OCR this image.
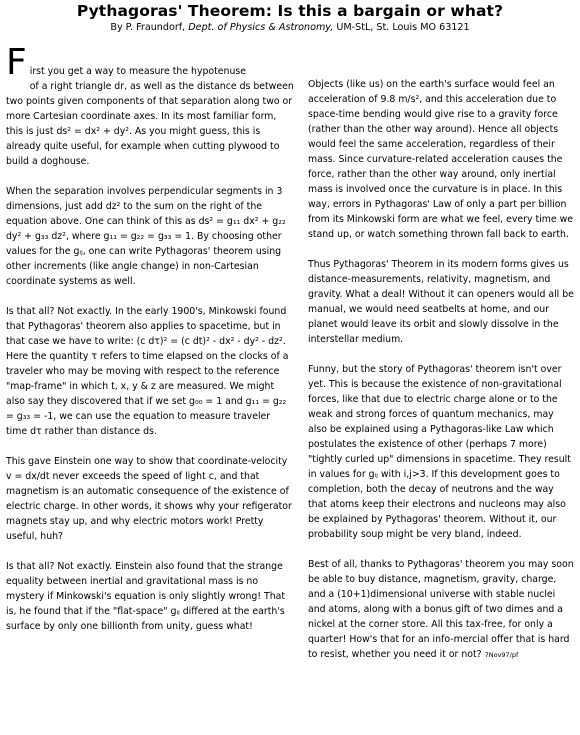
Pythagoras' Theorem: Is this a bargain or what?
By P. Fraundorf, Dept. of Physics & Astronomy, UM-StL, St. Louis MO 63121

F irst you get a way to measure the hypotenuse
of a right triangle dr, as well as the distance ds between two points given components of that separation along two or more Cartesian coordinate axes. In its most familiar form, this is just ds² = dx² + dy². As you might guess, this is already quite useful, for example when cutting plywood to build a doghouse.

When the separation involves perpendicular segments in 3 dimensions, just add dz² to the sum on the right of the equation above. One can think of this as ds² = g₁₁ dx² + g₂₂ dy² + g₃₃ dz², where g₁₁ = g₂₂ = g₃₃ = 1. By choosing other values for the gᵢⱼ, one can write Pythagoras' theorem using other increments (like angle change) in non-Cartesian coordinate systems as well.

Is that all? Not exactly. In the early 1900's, Minkowski found that Pythagoras' theorem also applies to spacetime, but in that case we have to write: (c dτ)² = (c dt)² - dx² - dy² - dz². Here the quantity τ refers to time elapsed on the clocks of a traveler who may be moving with respect to the reference "map-frame" in which t, x, y & z are measured. We might also say they discovered that if we set g₀₀ = 1 and g₁₁ = g₂₂ = g₃₃ = -1, we can use the equation to measure traveler time dτ rather than distance ds.

This gave Einstein one way to show that coordinate-velocity v = dx/dt never exceeds the speed of light c, and that magnetism is an automatic consequence of the existence of electric charge. In other words, it shows why your refigerator magnets stay up, and why electric motors work! Pretty useful, huh?

Is that all? Not exactly. Einstein also found that the strange equality between inertial and gravitational mass is no mystery if Minkowski's equation is only slightly wrong! That is, he found that if the "flat-space" gᵢⱼ differed at the earth's surface by only one billionth from unity, guess what!

Objects (like us) on the earth's surface would feel an acceleration of 9.8 m/s², and this acceleration due to space-time bending would give rise to a gravity force (rather than the other way around). Hence all objects would feel the same acceleration, regardless of their mass. Since curvature-related acceleration causes the force, rather than the other way around, only inertial mass is involved once the curvature is in place. In this way, errors in Pythagoras' Law of only a part per billion from its Minkowski form are what we feel, every time we stand up, or watch something thrown fall back to earth.

Thus Pythagoras' Theorem in its modern forms gives us distance-measurements, relativity, magnetism, and gravity. What a deal! Without it can openers would all be manual, we would need seatbelts at home, and our planet would leave its orbit and slowly dissolve in the interstellar medium.

Funny, but the story of Pythagoras' theorem isn't over yet. This is because the existence of non-gravitational forces, like that due to electric charge alone or to the weak and strong forces of quantum mechanics, may also be explained using a Pythagoras-like Law which postulates the existence of other (perhaps 7 more) "tightly curled up" dimensions in spacetime. They result in values for gᵢⱼ with i,j>3. If this development goes to completion, both the decay of neutrons and the way that atoms keep their electrons and nucleons may also be explained by Pythagoras' theorem. Without it, our probability soup might be very bland, indeed.

Best of all, thanks to Pythagoras' theorem you may soon be able to buy distance, magnetism, gravity, charge, and a (10+1)dimensional universe with stable nuclei and atoms, along with a bonus gift of two dimes and a nickel at the corner store. All this tax-free, for only a quarter! How's that for an info-mercial offer that is hard to resist, whether you need it or not? 7Nov97/pf
